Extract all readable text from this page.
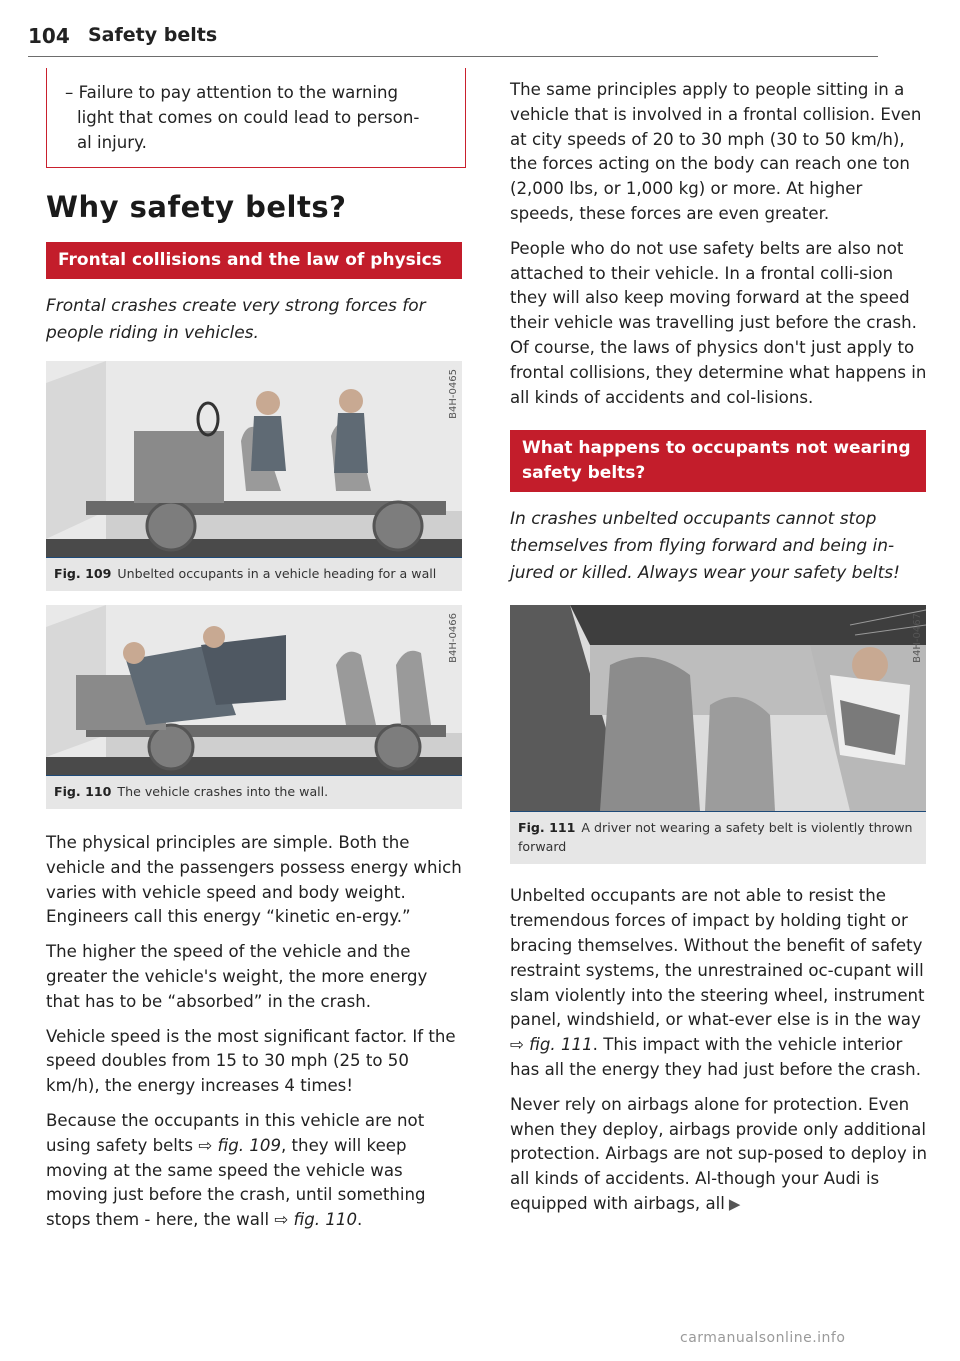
104 Safety belts
– Failure to pay attention to the warning
light that comes on could lead to person-
al injury.
Why safety belts?
Frontal collisions and the law of physics

Frontal crashes create very strong forces for people riding in vehicles.

B4H-0465
Fig. 109 Unbelted occupants in a vehicle heading for a wall
B4H-0466
Fig. 110 The vehicle crashes into the wall.

The physical principles are simple. Both the vehicle and the passengers possess energy which varies with vehicle speed and body weight. Engineers call this energy “kinetic en-ergy.”

The higher the speed of the vehicle and the greater the vehicle's weight, the more energy that has to be “absorbed” in the crash.

Vehicle speed is the most significant factor. If the speed doubles from 15 to 30 mph (25 to 50 km/h), the energy increases 4 times!

Because the occupants in this vehicle are not using safety belts ⇨ fig. 109, they will keep moving at the same speed the vehicle was moving just before the crash, until something stops them - here, the wall ⇨ fig. 110.

The same principles apply to people sitting in a vehicle that is involved in a frontal collision. Even at city speeds of 20 to 30 mph (30 to 50 km/h), the forces acting on the body can reach one ton (2,000 lbs, or 1,000 kg) or more. At higher speeds, these forces are even greater.

People who do not use safety belts are also not attached to their vehicle. In a frontal colli-sion they will also keep moving forward at the speed their vehicle was travelling just before the crash. Of course, the laws of physics don't just apply to frontal collisions, they determine what happens in all kinds of accidents and col-lisions.

What happens to occupants not wearing safety belts?

In crashes unbelted occupants cannot stop themselves from flying forward and being in-jured or killed. Always wear your safety belts!

B4H-0467
Fig. 111 A driver not wearing a safety belt is violently thrown forward

Unbelted occupants are not able to resist the tremendous forces of impact by holding tight or bracing themselves. Without the benefit of safety restraint systems, the unrestrained oc-cupant will slam violently into the steering wheel, instrument panel, windshield, or what-ever else is in the way ⇨ fig. 111. This impact with the vehicle interior has all the energy they had just before the crash.

Never rely on airbags alone for protection. Even when they deploy, airbags provide only additional protection. Airbags are not sup-posed to deploy in all kinds of accidents. Al-though your Audi is equipped with airbags, all ▶

carmanualsonline.info
